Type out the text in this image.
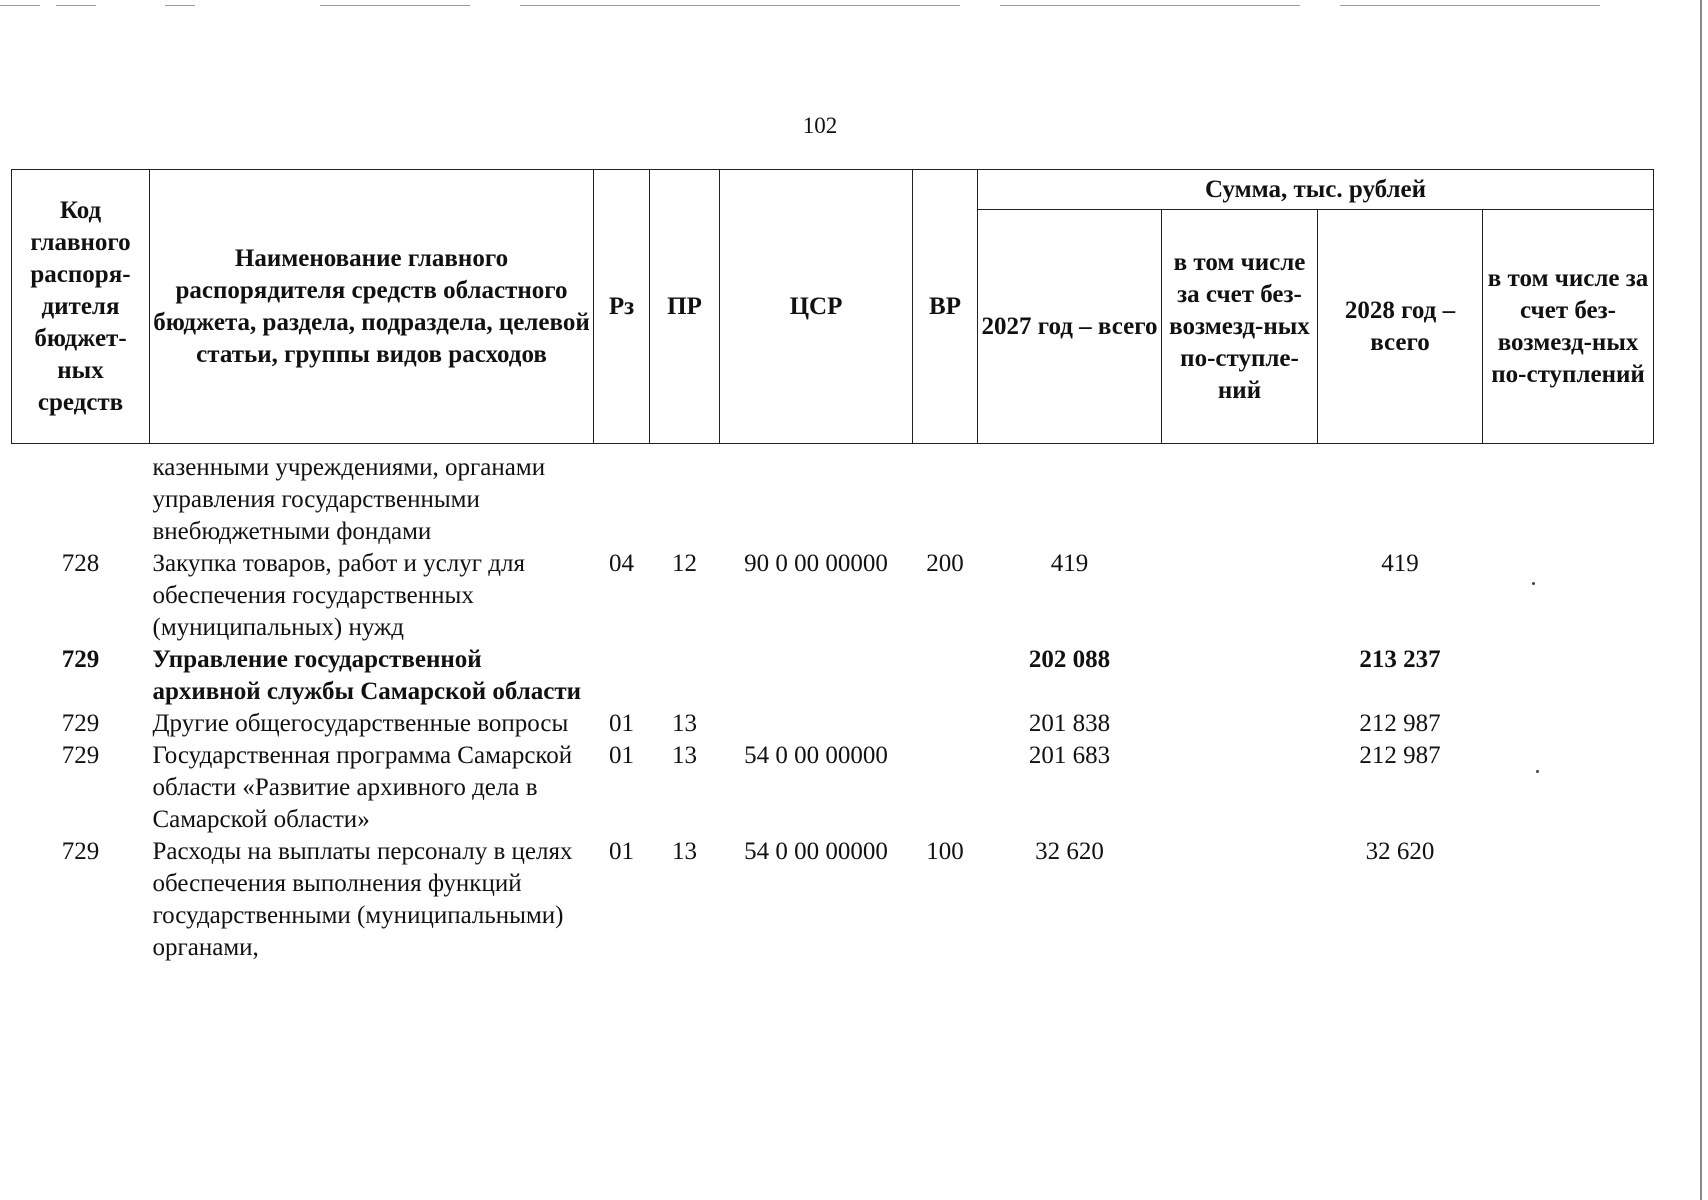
102
Код главного распоря-дителя бюджет-ных средств	Наименование главного распорядителя средств областного бюджета, раздела, подраздела, целевой статьи, группы видов расходов	Рз	ПР	ЦСР	ВР	Сумма, тыс. рублей			
						2027 год – всего	в том числе за счет без-возмезд-ных по-ступле-ний	2028 год – всего	в том числе за счет без-возмезд-ных по-ступлений
	казенными учреждениями, органами управления государственными внебюджетными фондами								
728	Закупка товаров, работ и услуг для обеспечения государственных (муниципальных) нужд	04	12	90 0 00 00000	200	419		419	
729	Управление государственной архивной службы Самарской области					202 088		213 237	
729	Другие общегосударственные вопросы	01	13			201 838		212 987	
729	Государственная программа Самарской области «Развитие архивного дела в Самарской области»	01	13	54 0 00 00000		201 683		212 987	
729	Расходы на выплаты персоналу в целях обеспечения выполнения функций государственными (муниципальными) органами,	01	13	54 0 00 00000	100	32 620		32 620	
